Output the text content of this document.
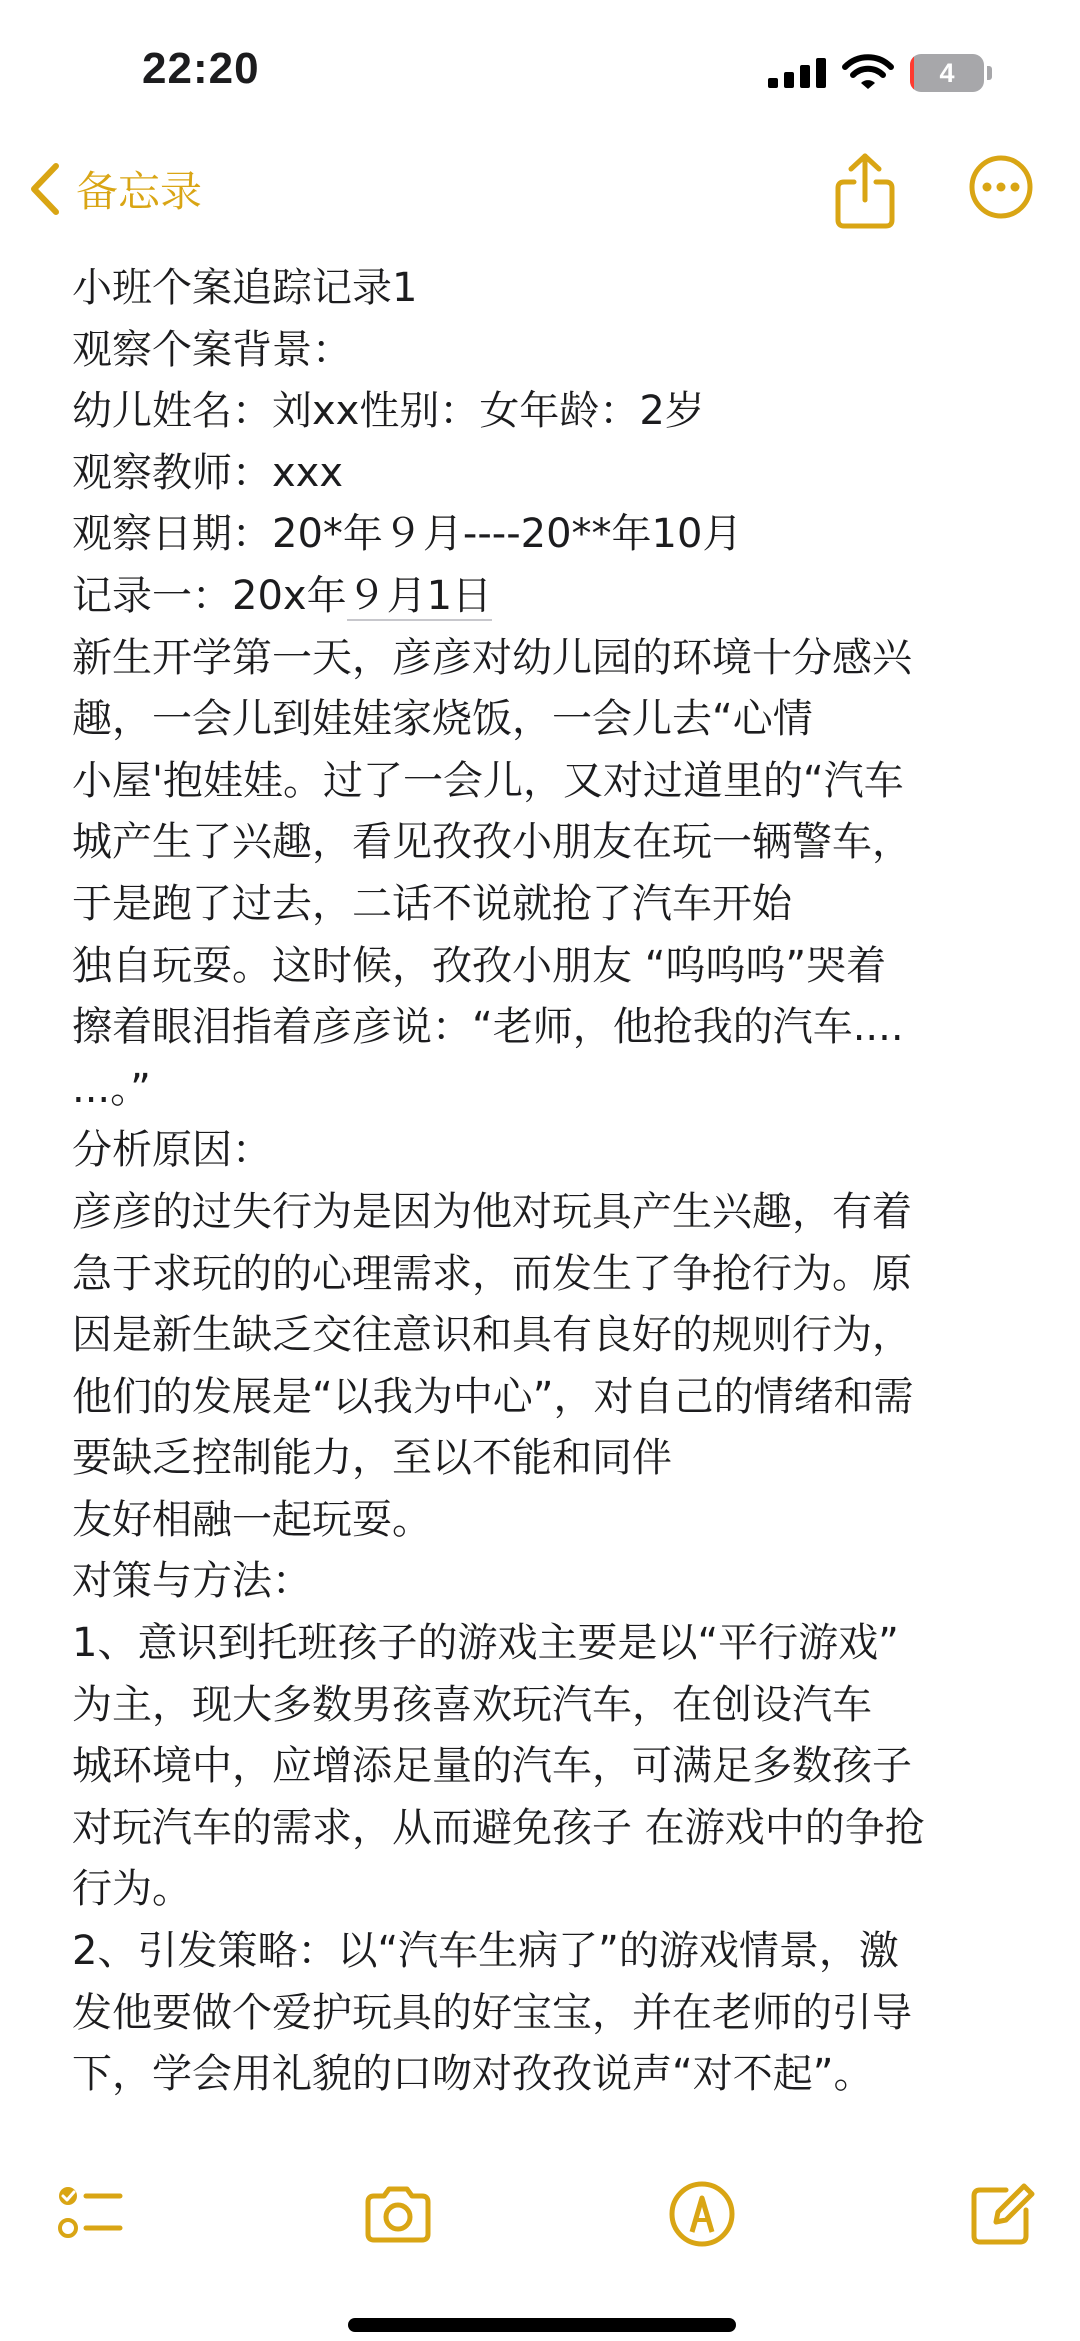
22:20	4
备忘录
小班个案追踪记录1
观察个案背景：
幼儿姓名：刘xx性别：女年龄：2岁
观察教师：xxx
观察日期：20*年９月----20**年10月
记录一：20x年９月1日
新生开学第一天，彦彦对幼儿园的环境十分感兴
趣，一会儿到娃娃家烧饭，一会儿去“心情
小屋'抱娃娃。过了一会儿，又对过道里的“汽车
城产生了兴趣，看见孜孜小朋友在玩一辆警车，
于是跑了过去，二话不说就抢了汽车开始
独自玩耍。这时候，孜孜小朋友 “呜呜呜”哭着
擦着眼泪指着彦彦说：“老师，他抢我的汽车....
...。”
分析原因：
彦彦的过失行为是因为他对玩具产生兴趣，有着
急于求玩的的心理需求，而发生了争抢行为。原
因是新生缺乏交往意识和具有良好的规则行为，
他们的发展是“以我为中心”，对自己的情绪和需
要缺乏控制能力，至以不能和同伴
友好相融一起玩耍。
对策与方法：
1、意识到托班孩子的游戏主要是以“平行游戏”
为主，现大多数男孩喜欢玩汽车，在创设汽车
城环境中，应增添足量的汽车，可满足多数孩子
对玩汽车的需求，从而避免孩子 在游戏中的争抢
行为。
2、引发策略：以“汽车生病了”的游戏情景，激
发他要做个爱护玩具的好宝宝，并在老师的引导
下，学会用礼貌的口吻对孜孜说声“对不起”。
